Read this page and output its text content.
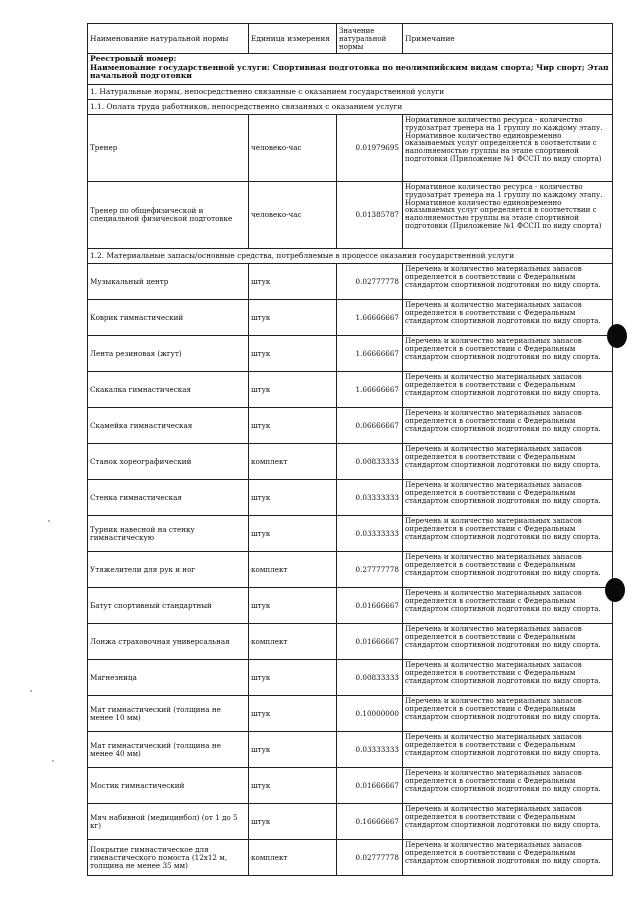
Наименование натуральной нормы	Единица измерения	Значение натуральной нормы	Примечание

Реестровый номер:
Наименование государственной услуги: Спортивная подготовка по неолимпийским видам спорта; Чир спорт; Этап начальной подготовки			

1. Натуральные нормы, непосредственно связанные с оказанием государственной услуги			
1.1. Оплата труда работников, непосредственно связанных с оказанием услуги			
Тренер	человеко-час	0.01979695	Нормативное количество ресурса - количество трудозатрат тренера на 1 группу по каждому этапу. Нормативное количество единовременно оказываемых услуг определяется в соответствии с наполняемостью группы на этапе спортивной подготовки (Приложение №1 ФССП по виду спорта)
Тренер по общефизической и специальной физической подготовке	человеко-час	0.01385787	Нормативное количество ресурса - количество трудозатрат тренера на 1 группу по каждому этапу. Нормативное количество единовременно оказываемых услуг определяется в соответствии с наполняемостью группы на этапе спортивной подготовки (Приложение №1 ФССП по виду спорта)
1.2. Материальные запасы/основные средства, потребляемые в процессе оказания государственной услуги			
Музыкальный центр	штук	0.02777778	Перечень и количество материальных запасов определяется в соответствии с Федеральным стандартом спортивной подготовки по виду спорта.
Коврик гимнастический	штук	1.66666667	Перечень и количество материальных запасов определяется в соответствии с Федеральным стандартом спортивной подготовки по виду спорта.
Лента резиновая (жгут)	штук	1.66666667	Перечень и количество материальных запасов определяется в соответствии с Федеральным стандартом спортивной подготовки по виду спорта.
Скакалка гимнастическая	штук	1.66666667	Перечень и количество материальных запасов определяется в соответствии с Федеральным стандартом спортивной подготовки по виду спорта.
Скамейка гимнастическая	штук	0.06666667	Перечень и количество материальных запасов определяется в соответствии с Федеральным стандартом спортивной подготовки по виду спорта.
Станок хореографический	комплект	0.00833333	Перечень и количество материальных запасов определяется в соответствии с Федеральным стандартом спортивной подготовки по виду спорта.
Стенка гимнастическая	штук	0.03333333	Перечень и количество материальных запасов определяется в соответствии с Федеральным стандартом спортивной подготовки по виду спорта.
Турник навесной на стенку гимнастическую	штук	0.03333333	Перечень и количество материальных запасов определяется в соответствии с Федеральным стандартом спортивной подготовки по виду спорта.
Утяжелители для рук и ног	комплект	0.27777778	Перечень и количество материальных запасов определяется в соответствии с Федеральным стандартом спортивной подготовки по виду спорта.
Батут спортивный стандартный	штук	0.01666667	Перечень и количество материальных запасов определяется в соответствии с Федеральным стандартом спортивной подготовки по виду спорта.
Лонжа страховочная универсальная	комплект	0.01666667	Перечень и количество материальных запасов определяется в соответствии с Федеральным стандартом спортивной подготовки по виду спорта.
Магнезница	штук	0.00833333	Перечень и количество материальных запасов определяется в соответствии с Федеральным стандартом спортивной подготовки по виду спорта.
Мат гимнастический (толщина не менее 10 мм)	штук	0.10000000	Перечень и количество материальных запасов определяется в соответствии с Федеральным стандартом спортивной подготовки по виду спорта.
Мат гимнастический (толщина не менее 40 мм)	штук	0.03333333	Перечень и количество материальных запасов определяется в соответствии с Федеральным стандартом спортивной подготовки по виду спорта.
Мостик гимнастический	штук	0.01666667	Перечень и количество материальных запасов определяется в соответствии с Федеральным стандартом спортивной подготовки по виду спорта.
Мяч набивной (медицинбол) (от 1 до 5 кг)	штук	0.16666667	Перечень и количество материальных запасов определяется в соответствии с Федеральным стандартом спортивной подготовки по виду спорта.
Покрытие гимнастическое для гимнастического помоста (12х12 м, толщина не менее 35 мм)	комплект	0.02777778	Перечень и количество материальных запасов определяется в соответствии с Федеральным стандартом спортивной подготовки по виду спорта.
